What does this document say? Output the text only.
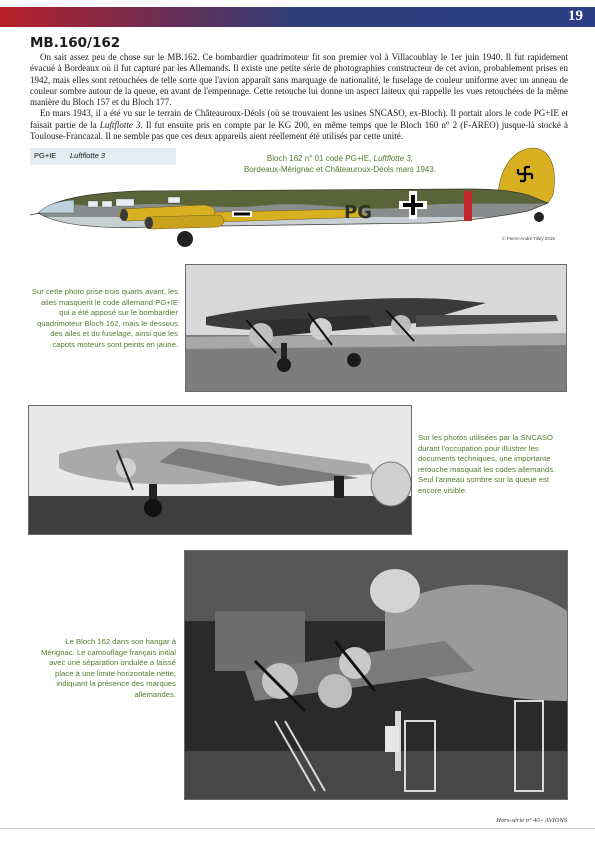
19
MB.160/162

On sait assez peu de chose sur le MB.162. Ce bombardier quadrimoteur fit son premier vol à Villacoublay le 1er juin 1940. Il fut rapidement évacué à Bordeaux où il fut capturé par les Allemands. Il existe une petite série de photographies constructeur de cet avion, probablement prises en 1942, mais elles sont retouchées de telle sorte que l'avion apparaît sans marquage de nationalité, le fuselage de couleur uniforme avec un anneau de couleur sombre autour de la queue, en avant de l'empennage. Cette retouche lui donne un aspect laiteux qui rappelle les vues retouchées de la même manière du Bloch 157 et du Bloch 177.

En mars 1943, il a été vu sur le terrain de Châteauroux-Déols (où se trouvaient les usines SNCASO, ex-Bloch). Il portait alors le code PG+IE et faisait partie de la Luftflotte 3. Il fut ensuite pris en compte par le KG 200, en même temps que le Bloch 160 n° 2 (F-AREO) jusque-là stocké à Toulouse-Francazal. Il ne semble pas que ces deux appareils aient réellement été utilisés par cette unité.

PG+IE Luftflotte 3
PG
Bloch 162 n° 01 codé PG+IE, Luftflotte 3,
Bordeaux-Mérignac et Châteauroux-Déols mars 1943.
© Pierre-André Tilley 2015
Sur cette photo prise trois quarts avant, les ailes masquent le code allemand PG+IE qui a été apposé sur le bombardier quadrimoteur Bloch 162, mais le dessous des ailes et du fuselage, ainsi que les capots moteurs sont peints en jaune.
Sur les photos utilisées par la SNCASO durant l'occupation pour illustrer les documents techniques, une importante retouche masquait les codes allemands. Seul l'anneau sombre sur la queue est encore visible.
Le Bloch 162 dans son hangar à Mérignac. Le camouflage français initial avec une séparation ondulée a laissé place à une limite horizontale nette, indiquant la présence des marques allemandes.
Hors-série n° 40 - AVIONS
